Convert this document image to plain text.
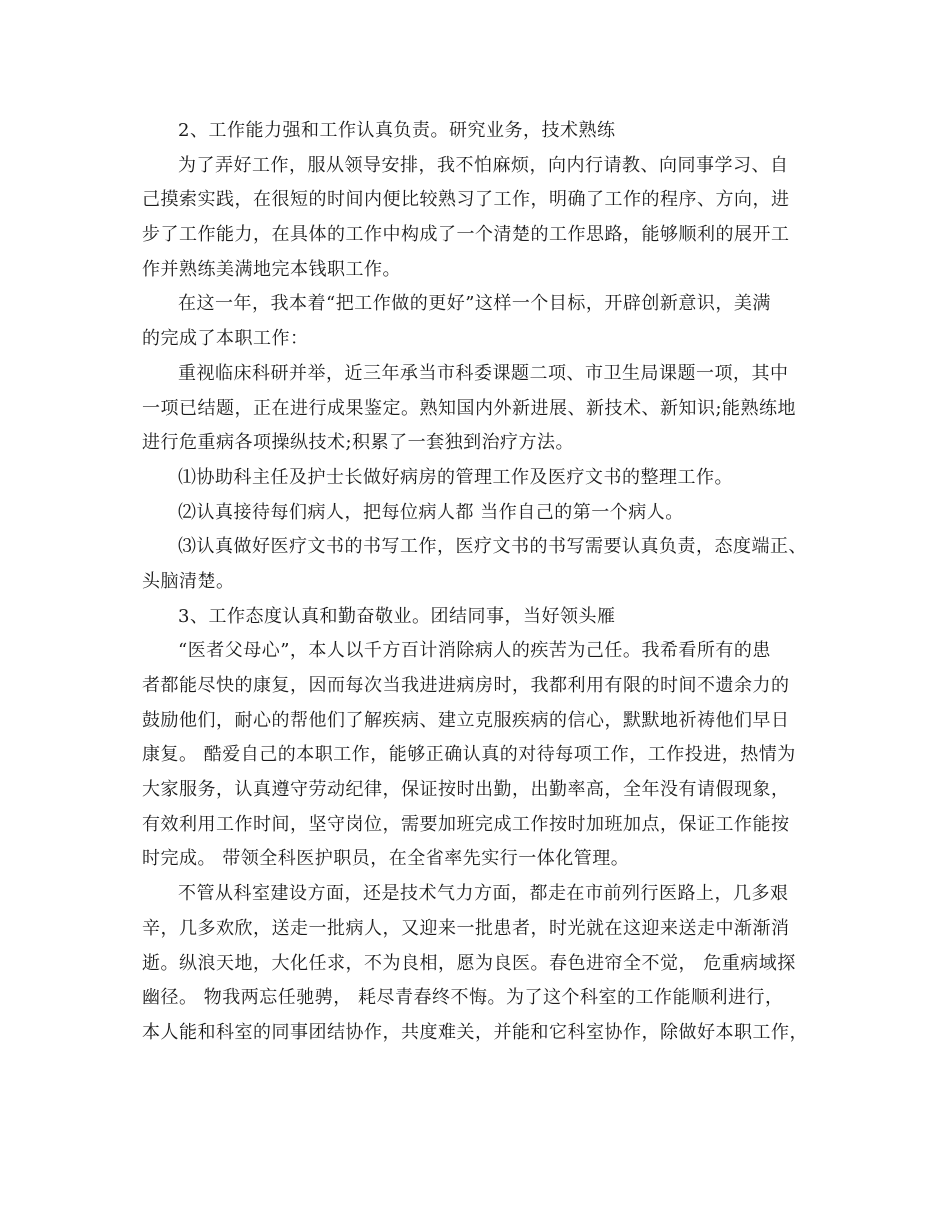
2、工作能力强和工作认真负责。研究业务，技术熟练
为了弄好工作，服从领导安排，我不怕麻烦，向内行请教、向同事学习、自
己摸索实践，在很短的时间内便比较熟习了工作，明确了工作的程序、方向，进
步了工作能力，在具体的工作中构成了一个清楚的工作思路，能够顺利的展开工
作并熟练美满地完本钱职工作。
在这一年，我本着“把工作做的更好”这样一个目标，开辟创新意识，美满
的完成了本职工作：
重视临床科研并举，近三年承当市科委课题二项、市卫生局课题一项，其中
一项已结题，正在进行成果鉴定。熟知国内外新进展、新技术、新知识;能熟练地
进行危重病各项操纵技术;积累了一套独到治疗方法。
⑴协助科主任及护士长做好病房的管理工作及医疗文书的整理工作。
⑵认真接待每们病人，把每位病人都 当作自己的第一个病人。
⑶认真做好医疗文书的书写工作，医疗文书的书写需要认真负责，态度端正、
头脑清楚。
3、工作态度认真和勤奋敬业。团结同事，当好领头雁
“医者父母心”，本人以千方百计消除病人的疾苦为己任。我希看所有的患
者都能尽快的康复，因而每次当我进进病房时，我都利用有限的时间不遗余力的
鼓励他们，耐心的帮他们了解疾病、建立克服疾病的信心，默默地祈祷他们早日
康复。 酷爱自己的本职工作，能够正确认真的对待每项工作，工作投进，热情为
大家服务，认真遵守劳动纪律，保证按时出勤，出勤率高，全年没有请假现象，
有效利用工作时间，坚守岗位，需要加班完成工作按时加班加点，保证工作能按
时完成。 带领全科医护职员，在全省率先实行一体化管理。
不管从科室建设方面，还是技术气力方面，都走在市前列行医路上，几多艰
辛，几多欢欣，送走一批病人，又迎来一批患者，时光就在这迎来送走中渐渐消
逝。纵浪天地，大化任求，不为良相，愿为良医。春色进帘全不觉， 危重病域探
幽径。 物我两忘任驰骋， 耗尽青春终不悔。为了这个科室的工作能顺利进行，
本人能和科室的同事团结协作，共度难关，并能和它科室协作，除做好本职工作，
